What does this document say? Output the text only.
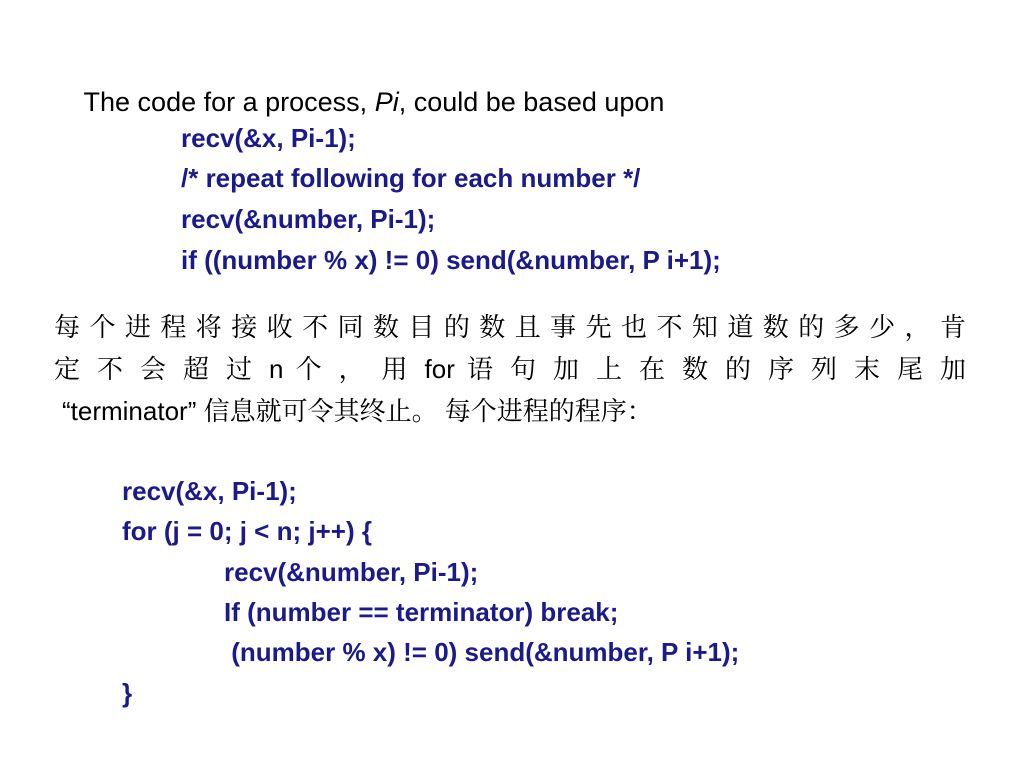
The code for a process, Pi, could be based upon

recv(&x, Pi-1);
/* repeat following for each number */
recv(&number, Pi-1);
if ((number % x) != 0) send(&number, P i+1);
每个进程将接收不同数目的数且事先也不知道数的多少，肯
定 不 会 超 过 n 个 ， 用 for 语 句 加 上 在 数 的 序 列 末 尾 加
“terminator” 信息就可令其终止。 每个进程的程序：
recv(&x, Pi-1);
for (j = 0; j < n; j++) {
recv(&number, Pi-1);
If (number == terminator) break;
(number % x) != 0) send(&number, P i+1);
}
